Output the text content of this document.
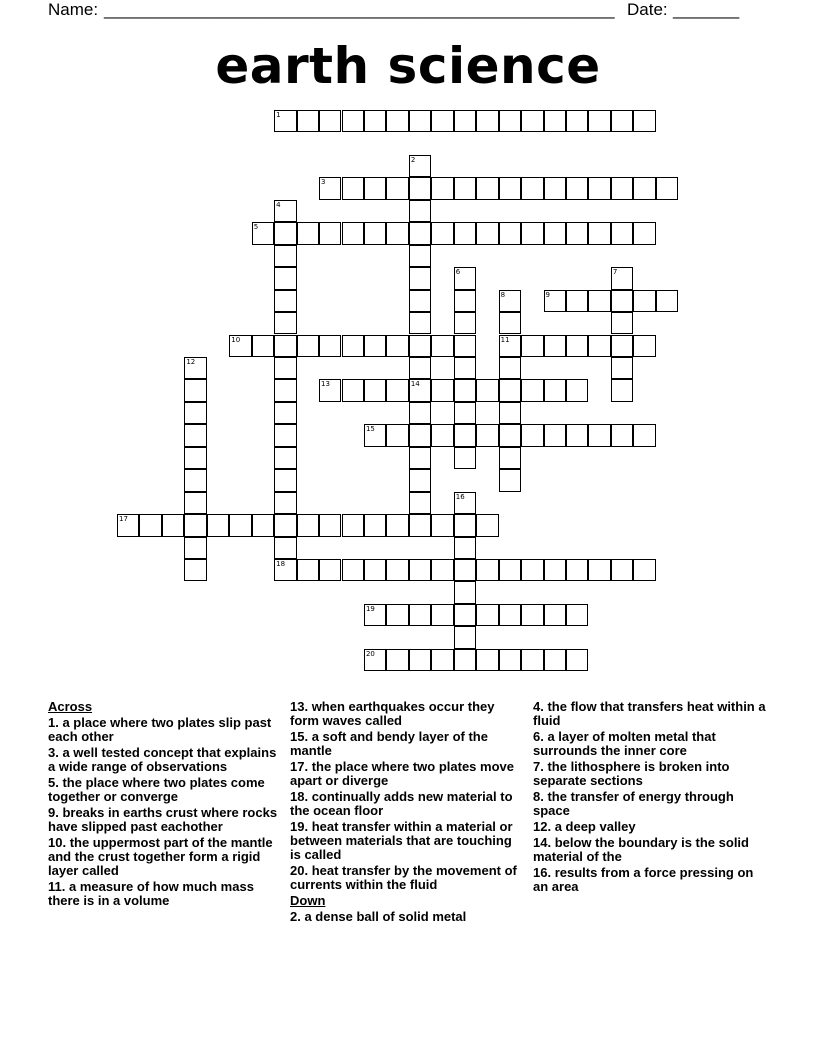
Name: ______________________________________________________ Date: _______
earth science
1
2
14
3
4
18
5
6	7
8
11
9
10
12
13
15
16
17
19
20
Across
1. a place where two plates slip past each other
3. a well tested concept that explains a wide range of observations
5. the place where two plates come together or converge
9. breaks in earths crust where rocks have slipped past eachother
10. the uppermost part of the mantle and the crust together form a rigid layer called
11. a measure of how much mass there is in a volume
13. when earthquakes occur they form waves called
15. a soft and bendy layer of the mantle
17. the place where two plates move apart or diverge
18. continually adds new material to the ocean floor
19. heat transfer within a material or between materials that are touching is called
20. heat transfer by the movement of currents within the fluid
Down
2. a dense ball of solid metal
4. the flow that transfers heat within a fluid
6. a layer of molten metal that surrounds the inner core
7. the lithosphere is broken into separate sections
8. the transfer of energy through space
12. a deep valley
14. below the boundary is the solid material of the
16. results from a force pressing on an area
